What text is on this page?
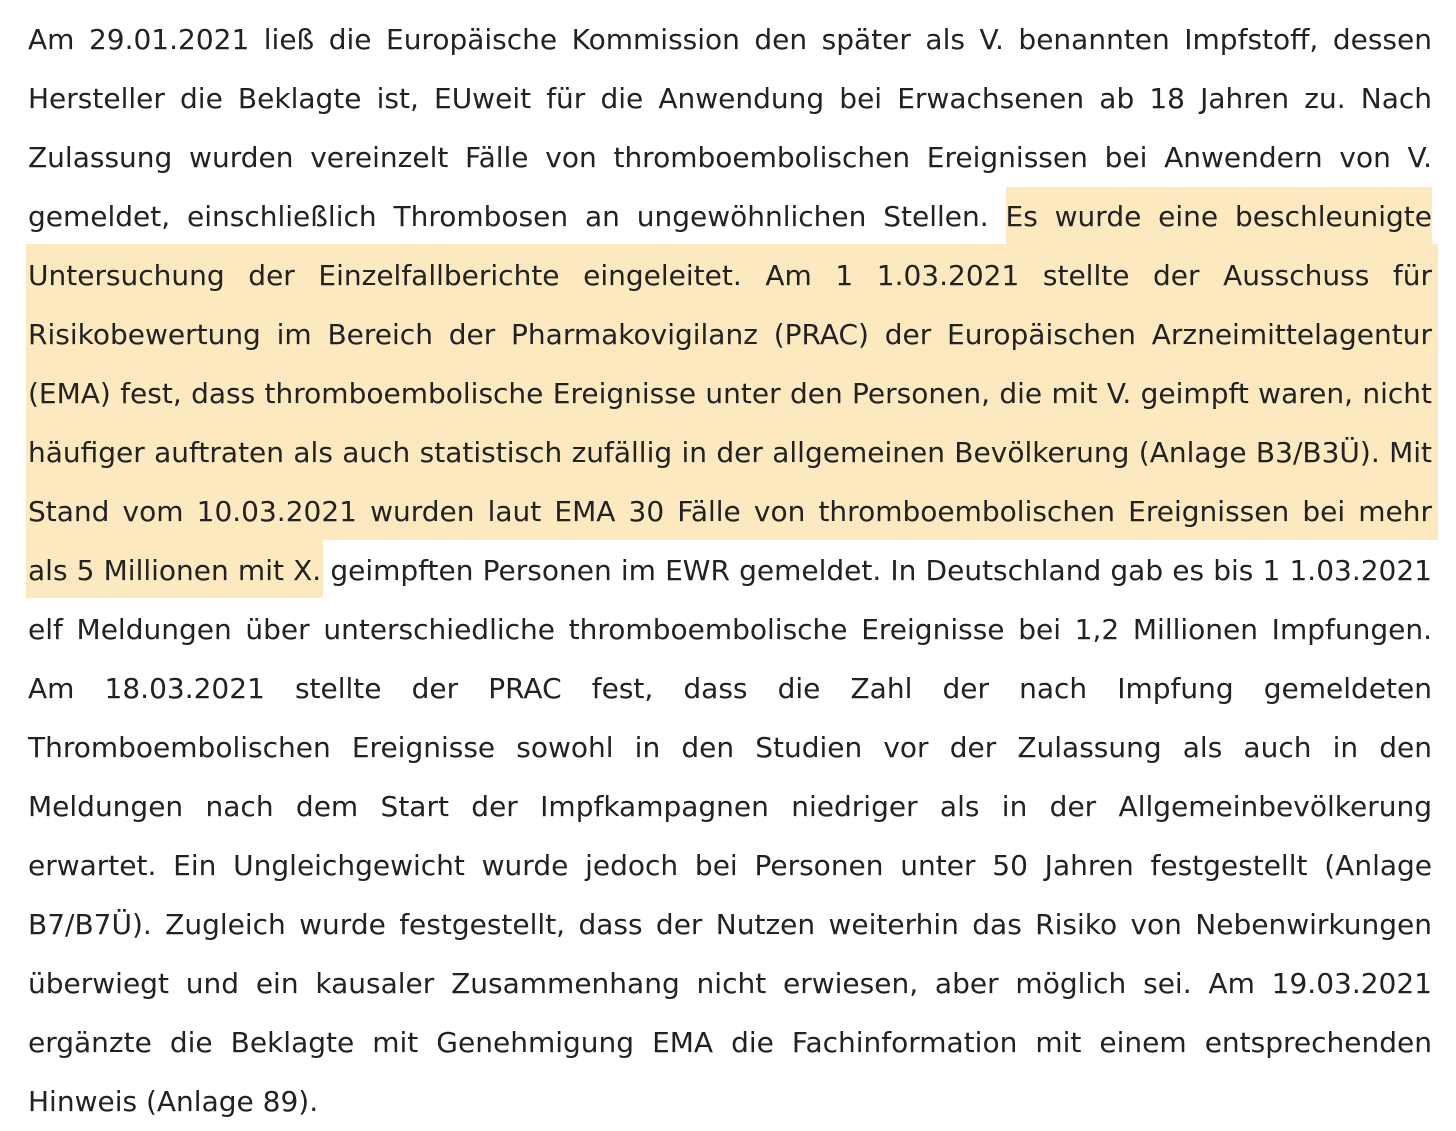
Am 29.01.2021 ließ die Europäische Kommission den später als V. benannten Impfstoff, dessen
Hersteller die Beklagte ist, EUweit für die Anwendung bei Erwachsenen ab 18 Jahren zu. Nach
Zulassung wurden vereinzelt Fälle von thromboembolischen Ereignissen bei Anwendern von V.
gemeldet, einschließlich Thrombosen an ungewöhnlichen Stellen. Es wurde eine beschleunigte
Untersuchung der Einzelfallberichte eingeleitet. Am 1 1.03.2021 stellte der Ausschuss für
Risikobewertung im Bereich der Pharmakovigilanz (PRAC) der Europäischen Arzneimittelagentur
(EMA) fest, dass thromboembolische Ereignisse unter den Personen, die mit V. geimpft waren, nicht
häufiger auftraten als auch statistisch zufällig in der allgemeinen Bevölkerung (Anlage B3/B3Ü). Mit
Stand vom 10.03.2021 wurden laut EMA 30 Fälle von thromboembolischen Ereignissen bei mehr
als 5 Millionen mit X. geimpften Personen im EWR gemeldet. In Deutschland gab es bis 1 1.03.2021
elf Meldungen über unterschiedliche thromboembolische Ereignisse bei 1,2 Millionen Impfungen.
Am 18.03.2021 stellte der PRAC fest, dass die Zahl der nach Impfung gemeldeten
Thromboembolischen Ereignisse sowohl in den Studien vor der Zulassung als auch in den
Meldungen nach dem Start der Impfkampagnen niedriger als in der Allgemeinbevölkerung
erwartet. Ein Ungleichgewicht wurde jedoch bei Personen unter 50 Jahren festgestellt (Anlage
B7/B7Ü). Zugleich wurde festgestellt, dass der Nutzen weiterhin das Risiko von Nebenwirkungen
überwiegt und ein kausaler Zusammenhang nicht erwiesen, aber möglich sei. Am 19.03.2021
ergänzte die Beklagte mit Genehmigung EMA die Fachinformation mit einem entsprechenden
Hinweis (Anlage 89).
